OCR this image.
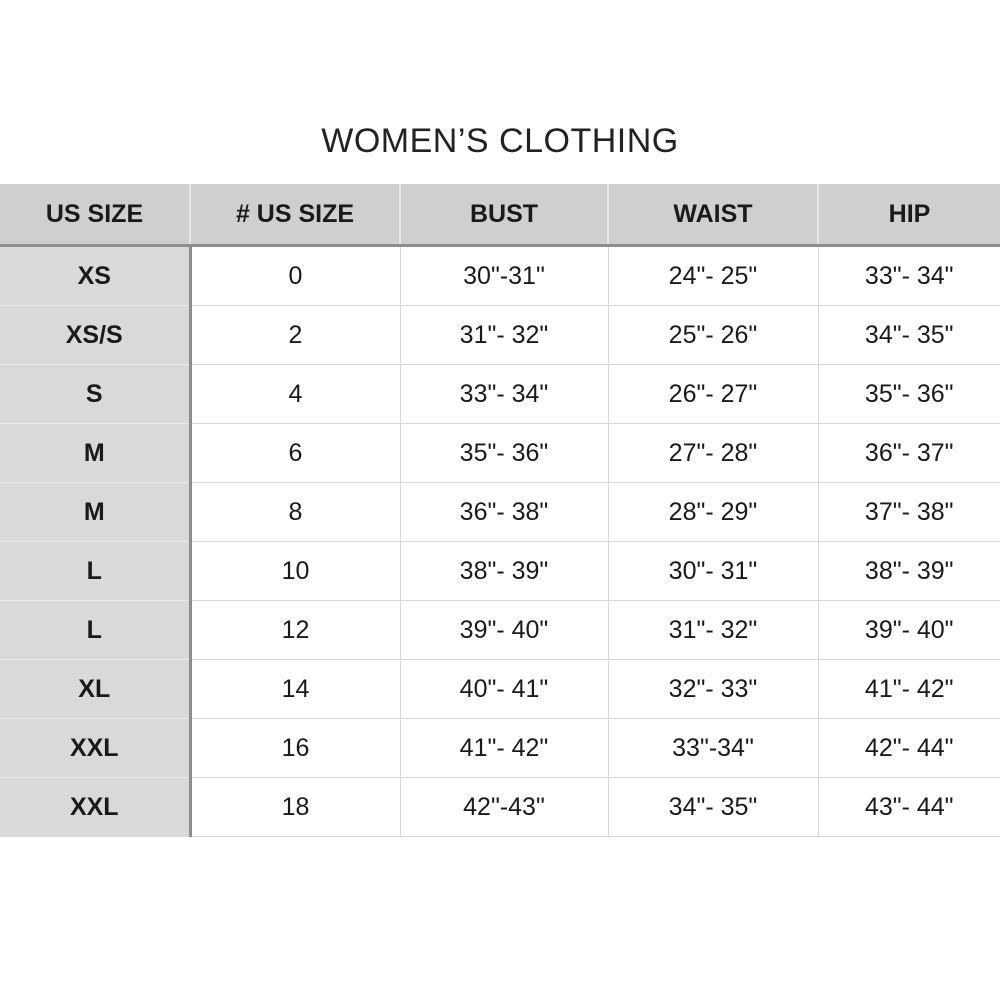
WOMEN’S CLOTHING
US SIZE	# US SIZE	BUST	WAIST	HIP
XS	0	30"-31"	24"- 25"	33"- 34"
XS/S	2	31"- 32"	25"- 26"	34"- 35"
S	4	33"- 34"	26"- 27"	35"- 36"
M	6	35"- 36"	27"- 28"	36"- 37"
M	8	36"- 38"	28"- 29"	37"- 38"
L	10	38"- 39"	30"- 31"	38"- 39"
L	12	39"- 40"	31"- 32"	39"- 40"
XL	14	40"- 41"	32"- 33"	41"- 42"
XXL	16	41"- 42"	33"-34"	42"- 44"
XXL	18	42"-43"	34"- 35"	43"- 44"
